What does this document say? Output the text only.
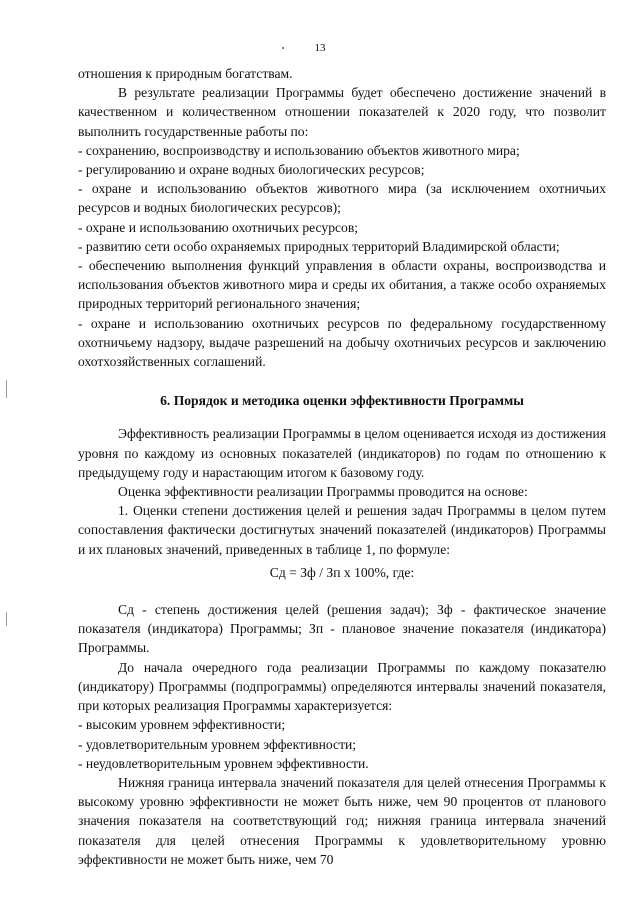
13

отношения к природным богатствам.

В результате реализации Программы будет обеспечено достижение значений в качественном и количественном отношении показателей к 2020 году, что позволит выполнить государственные работы по:

- сохранению, воспроизводству и использованию объектов животного мира;

- регулированию и охране водных биологических ресурсов;

- охране и использованию объектов животного мира (за исключением охотничьих ресурсов и водных биологических ресурсов);

- охране и использованию охотничьих ресурсов;

- развитию сети особо охраняемых природных территорий Владимирской области;

- обеспечению выполнения функций управления в области охраны, воспроизводства и использования объектов животного мира и среды их обитания, а также особо охраняемых природных территорий регионального значения;

- охране и использованию охотничьих ресурсов по федеральному государственному охотничьему надзору, выдаче разрешений на добычу охотничьих ресурсов и заключению охотхозяйственных соглашений.

6. Порядок и методика оценки эффективности Программы

Эффективность реализации Программы в целом оценивается исходя из достижения уровня по каждому из основных показателей (индикаторов) по годам по отношению к предыдущему году и нарастающим итогом к базовому году.

Оценка эффективности реализации Программы проводится на основе:

1. Оценки степени достижения целей и решения задач Программы в целом путем сопоставления фактически достигнутых значений показателей (индикаторов) Программы и их плановых значений, приведенных в таблице 1, по формуле:

Сд = Зф / Зп х 100%, где:

Сд - степень достижения целей (решения задач); Зф - фактическое значение показателя (индикатора) Программы; Зп - плановое значение показателя (индикатора) Программы.

До начала очередного года реализации Программы по каждому показателю (индикатору) Программы (подпрограммы) определяются интервалы значений показателя, при которых реализация Программы характеризуется:

- высоким уровнем эффективности;

- удовлетворительным уровнем эффективности;

- неудовлетворительным уровнем эффективности.

Нижняя граница интервала значений показателя для целей отнесения Программы к высокому уровню эффективности не может быть ниже, чем 90 процентов от планового значения показателя на соответствующий год; нижняя граница интервала значений показателя для целей отнесения Программы к удовлетворительному уровню эффективности не может быть ниже, чем 70
